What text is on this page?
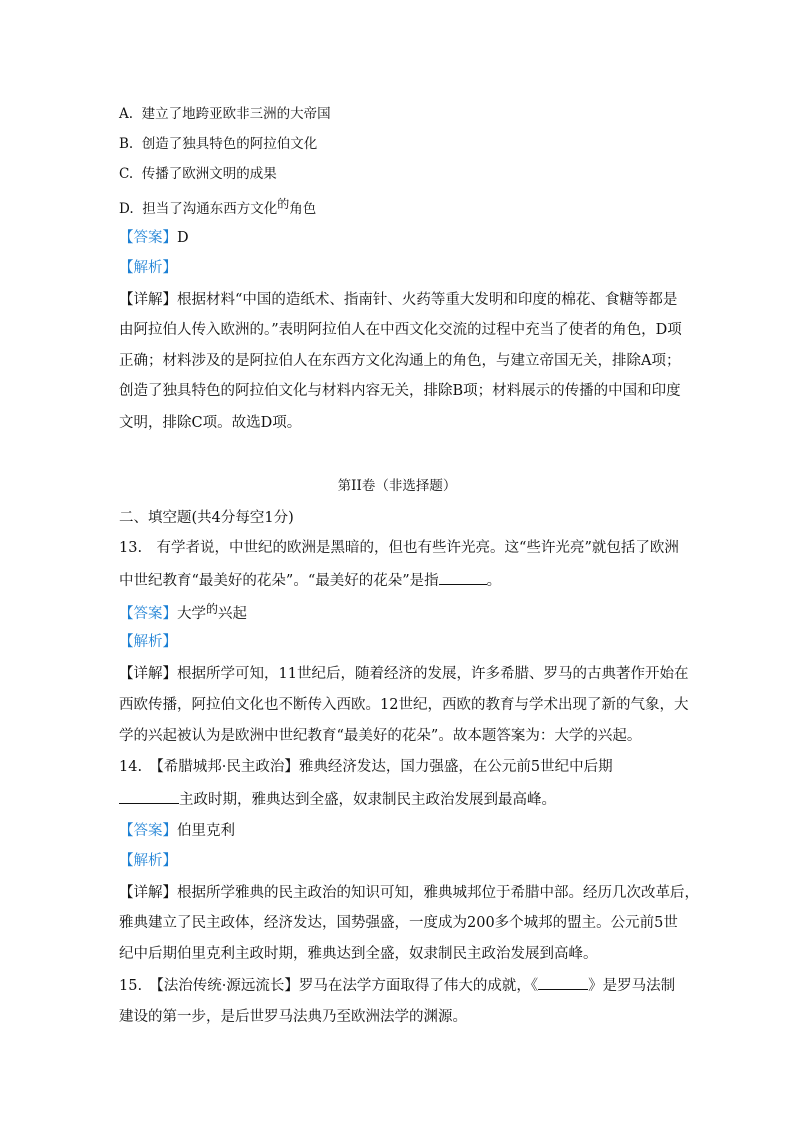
A. 建立了地跨亚欧非三洲的大帝国
B. 创造了独具特色的阿拉伯文化
C. 传播了欧洲文明的成果
D. 担当了沟通东西方文化的角色
【答案】D
【解析】
【详解】根据材料“中国的造纸术、指南针、火药等重大发明和印度的棉花、食糖等都是
由阿拉伯人传入欧洲的。”表明阿拉伯人在中西文化交流的过程中充当了使者的角色，D项
正确；材料涉及的是阿拉伯人在东西方文化沟通上的角色，与建立帝国无关，排除A项；
创造了独具特色的阿拉伯文化与材料内容无关，排除B项；材料展示的传播的中国和印度
文明，排除C项。故选D项。
第II卷（非选择题）
二、填空题(共4分每空1分)
13.　有学者说，中世纪的欧洲是黑暗的，但也有些许光亮。这“些许光亮”就包括了欧洲
中世纪教育“最美好的花朵”。“最美好的花朵”是指	。
【答案】大学$^的$兴起
【解析】
【详解】根据所学可知，11世纪后，随着经济的发展，许多希腊、罗马的古典著作开始在
西欧传播，阿拉伯文化也不断传入西欧。12世纪，西欧的教育与学术出现了新的气象，大
学的兴起被认为是欧洲中世纪教育“最美好的花朵”。故本题答案为：大学的兴起。
14.　【希腊城邦·民主政治】雅典经济发达，国力强盛，在公元前5世纪中后期
主政时期，雅典达到全盛，奴隶制民主政治发展到最高峰。
【答案】伯里克利
【解析】
【详解】根据所学雅典的民主政治的知识可知，雅典城邦位于希腊中部。经历几次改革后，
雅典建立了民主政体，经济发达，国势强盛，一度成为200多个城邦的盟主。公元前5世
纪中后期伯里克利主政时期，雅典达到全盛，奴隶制民主政治发展到高峰。
15.　【法治传统·源远流长】罗马在法学方面取得了伟大的成就，《	》是罗马法制
建设的第一步，是后世罗马法典乃至欧洲法学的渊源。
